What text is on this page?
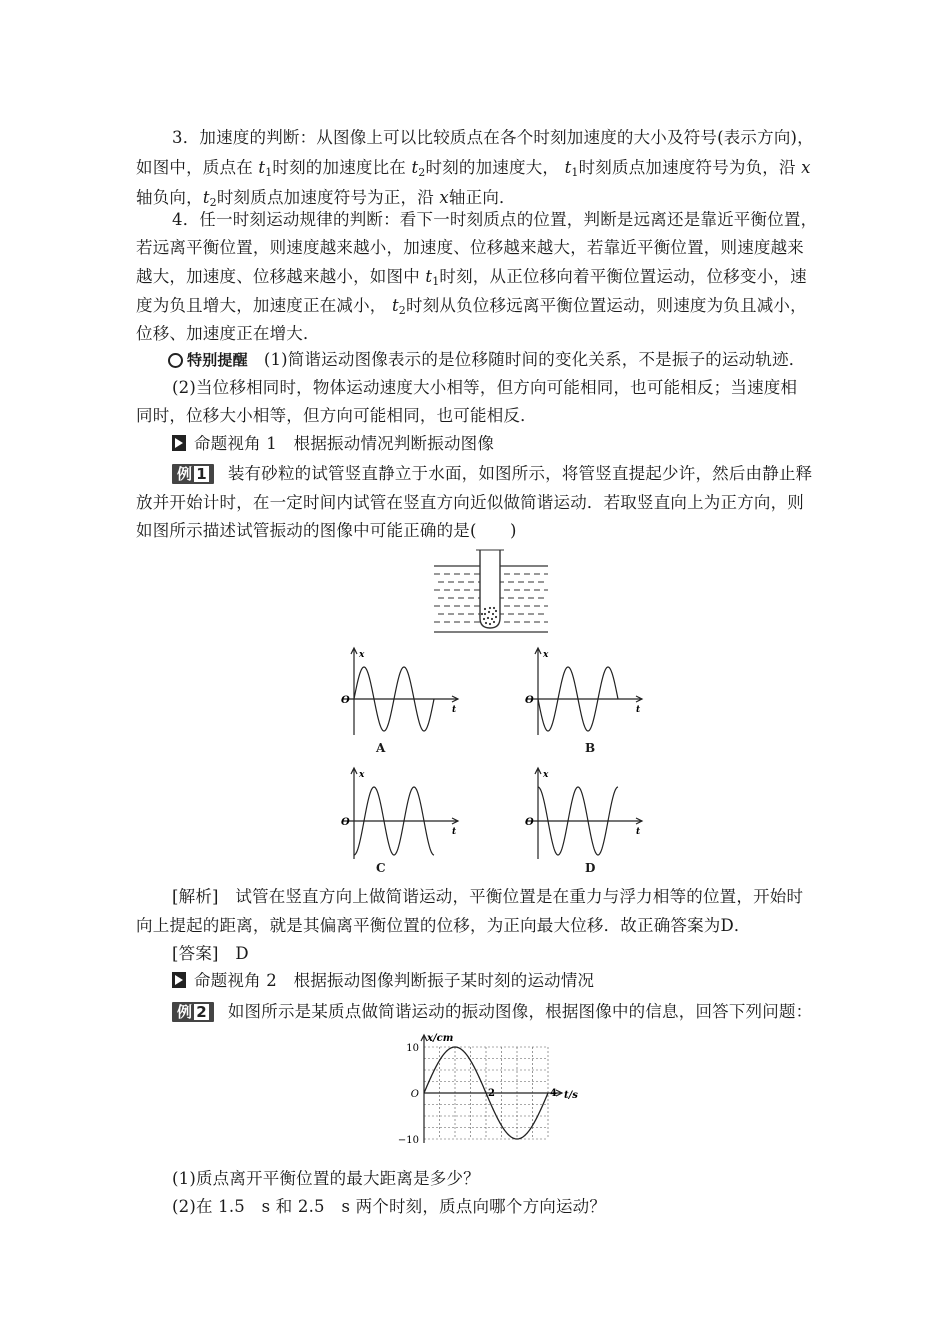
3．加速度的判断：从图像上可以比较质点在各个时刻加速度的大小及符号(表示方向)，
如图中，质点在 $t_1$时刻的加速度比在 $t_2$时刻的加速度大， $t_1$时刻质点加速度符号为负，沿 x
轴负向，$t_2$时刻质点加速度符号为正，沿 x轴正向．
4．任一时刻运动规律的判断：看下一时刻质点的位置，判断是远离还是靠近平衡位置，
若远离平衡位置，则速度越来越小，加速度、位移越来越大，若靠近平衡位置，则速度越来
越大，加速度、位移越来越小，如图中 $t_1$时刻，从正位移向着平衡位置运动，位移变小，速
度为负且增大，加速度正在减小， $t_2$时刻从负位移远离平衡位置运动，则速度为负且减小，
位移、加速度正在增大．
特别提醒 (1)简谐运动图像表示的是位移随时间的变化关系，不是振子的运动轨迹．
(2)当位移相同时，物体运动速度大小相等，但方向可能相同，也可能相反；当速度相
同时，位移大小相等，但方向可能相同，也可能相反．
命题视角 1　根据振动情况判断振动图像
例 1 装有砂粒的试管竖直静立于水面，如图所示，将管竖直提起少许，然后由静止释
放并开始计时，在一定时间内试管在竖直方向近似做简谐运动．若取竖直向上为正方向，则
如图所示描述试管振动的图像中可能正确的是(　　)
x
t
O
A
x
t
O
B
x
t
O
C
x
t
O
D
[解析]　试管在竖直方向上做简谐运动，平衡位置是在重力与浮力相等的位置，开始时
向上提起的距离，就是其偏离平衡位置的位移，为正向最大位移．故正确答案为D．
[答案]　D
命题视角 2　根据振动图像判断振子某时刻的运动情况
例 2 如图所示是某质点做简谐运动的振动图像，根据图像中的信息，回答下列问题：
x/cm
t/s
10
O
−10
2	4
(1)质点离开平衡位置的最大距离是多少？
(2)在 1.5　s 和 2.5　s 两个时刻，质点向哪个方向运动？
